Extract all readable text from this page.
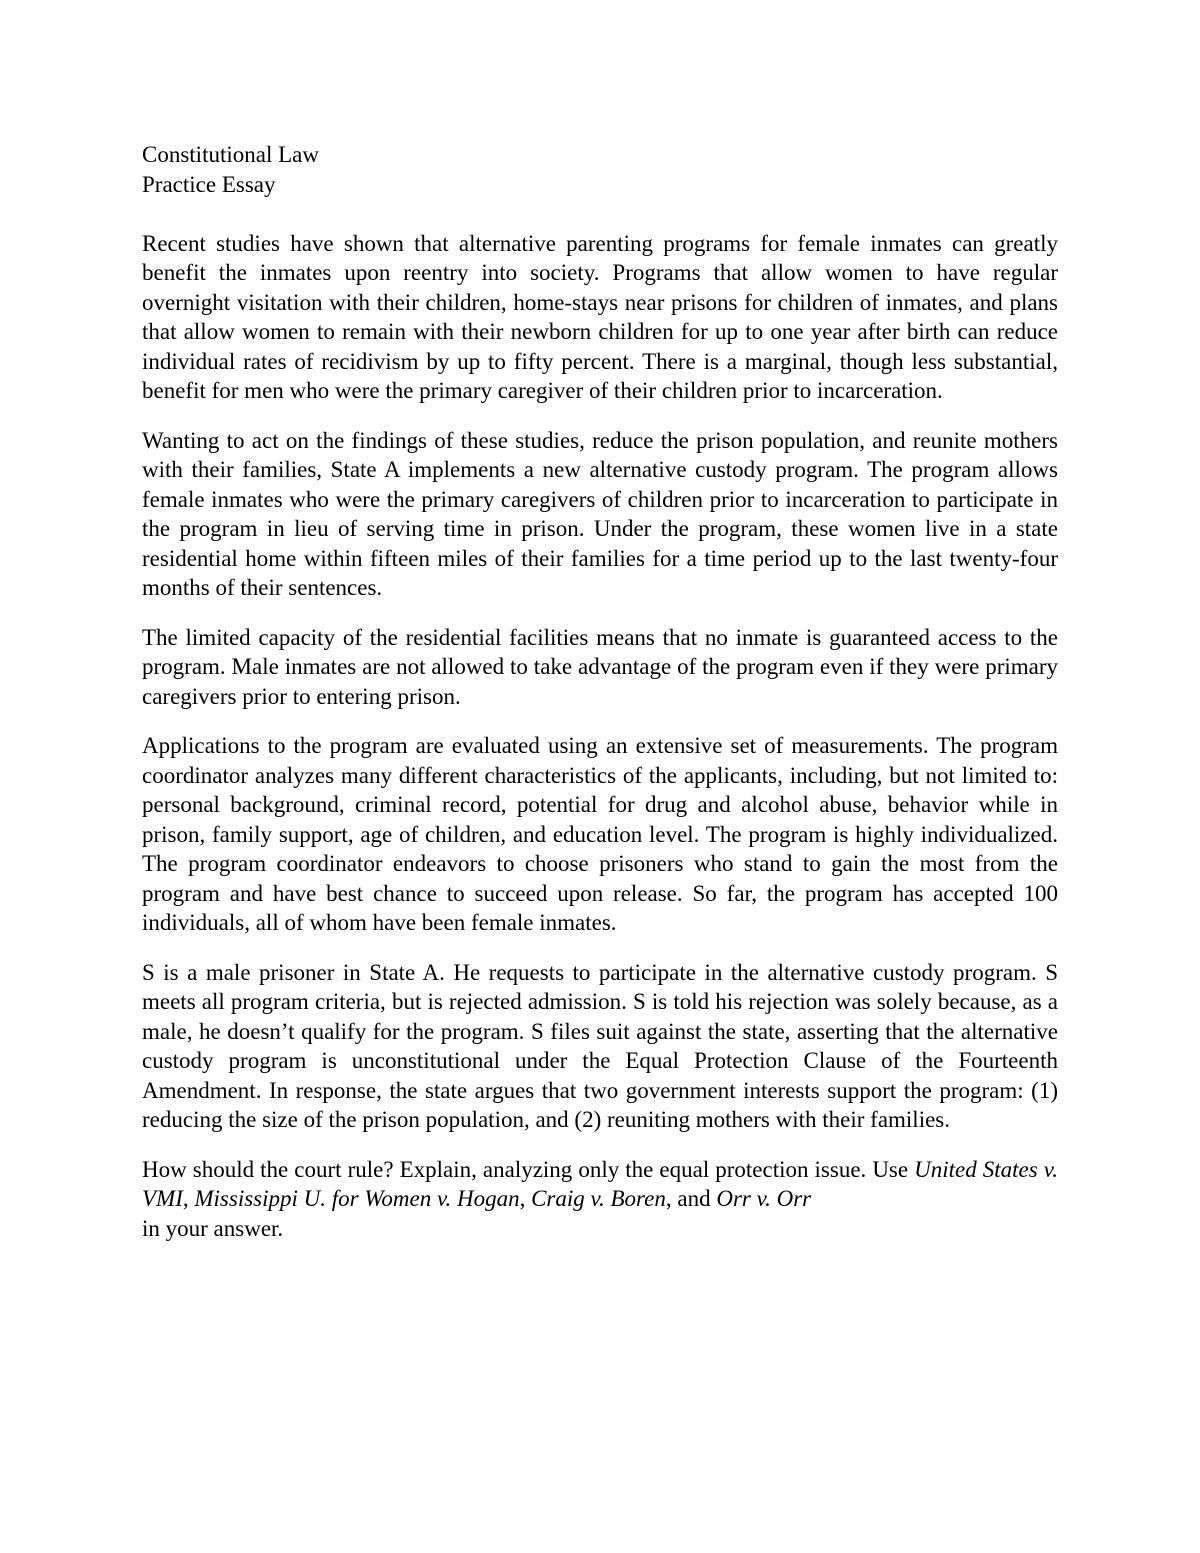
Constitutional Law
Practice Essay

Recent studies have shown that alternative parenting programs for female inmates can greatly benefit the inmates upon reentry into society. Programs that allow women to have regular overnight visitation with their children, home-stays near prisons for children of inmates, and plans that allow women to remain with their newborn children for up to one year after birth can reduce individual rates of recidivism by up to fifty percent. There is a marginal, though less substantial, benefit for men who were the primary caregiver of their children prior to incarceration.

Wanting to act on the findings of these studies, reduce the prison population, and reunite mothers with their families, State A implements a new alternative custody program. The program allows female inmates who were the primary caregivers of children prior to incarceration to participate in the program in lieu of serving time in prison. Under the program, these women live in a state residential home within fifteen miles of their families for a time period up to the last twenty-four months of their sentences.

The limited capacity of the residential facilities means that no inmate is guaranteed access to the program. Male inmates are not allowed to take advantage of the program even if they were primary caregivers prior to entering prison.

Applications to the program are evaluated using an extensive set of measurements. The program coordinator analyzes many different characteristics of the applicants, including, but not limited to: personal background, criminal record, potential for drug and alcohol abuse, behavior while in prison, family support, age of children, and education level. The program is highly individualized. The program coordinator endeavors to choose prisoners who stand to gain the most from the program and have best chance to succeed upon release. So far, the program has accepted 100 individuals, all of whom have been female inmates.

S is a male prisoner in State A. He requests to participate in the alternative custody program. S meets all program criteria, but is rejected admission. S is told his rejection was solely because, as a male, he doesn’t qualify for the program. S files suit against the state, asserting that the alternative custody program is unconstitutional under the Equal Protection Clause of the Fourteenth Amendment. In response, the state argues that two government interests support the program: (1) reducing the size of the prison population, and (2) reuniting mothers with their families.

How should the court rule? Explain, analyzing only the equal protection issue. Use United States v. VMI, Mississippi U. for Women v. Hogan, Craig v. Boren, and Orr v. Orr
in your answer.
